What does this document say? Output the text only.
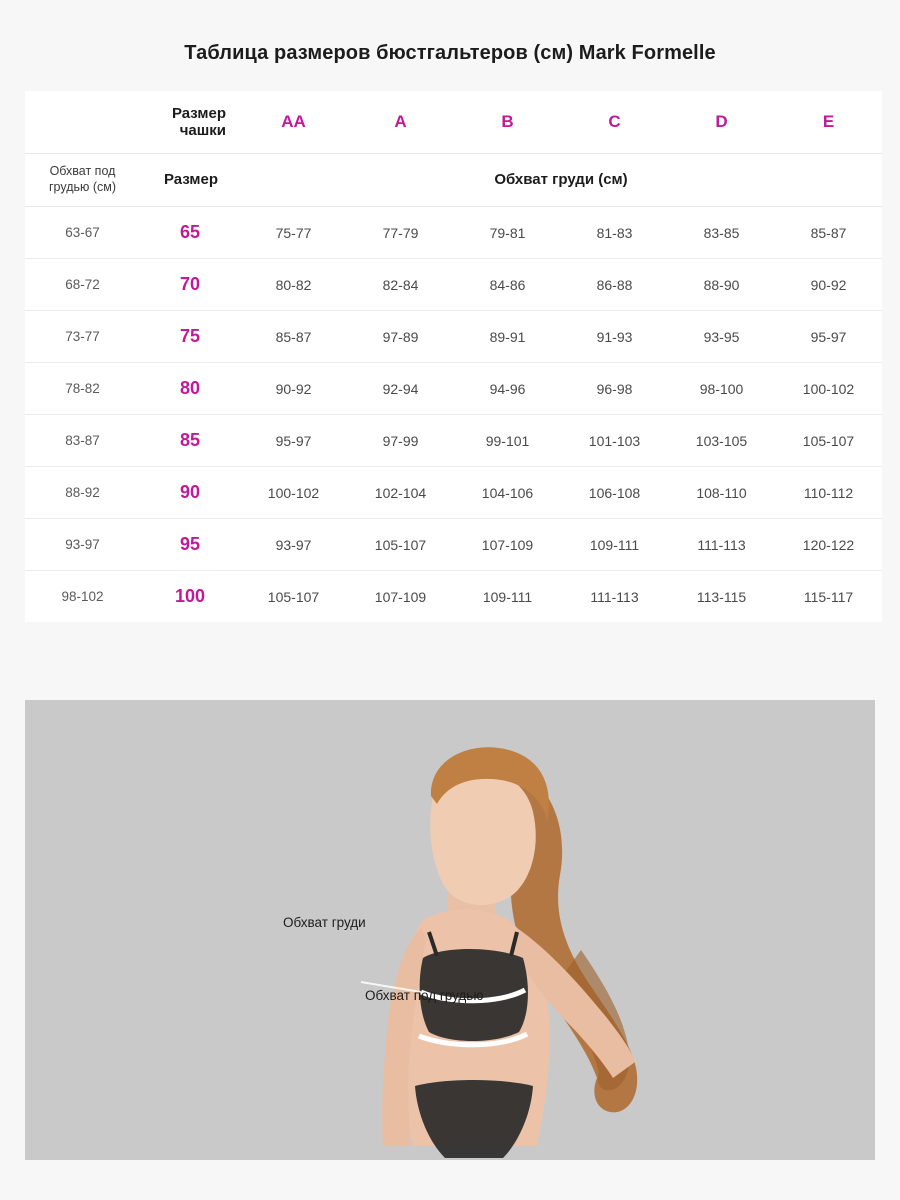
Таблица размеров бюстгальтеров (см) Mark Formelle
	Размер чашки	AA	A	B	C	D	E
Обхват под грудью (см)	Размер	Обхват груди (см)					
63-67	65	75-77	77-79	79-81	81-83	83-85	85-87
68-72	70	80-82	82-84	84-86	86-88	88-90	90-92
73-77	75	85-87	97-89	89-91	91-93	93-95	95-97
78-82	80	90-92	92-94	94-96	96-98	98-100	100-102
83-87	85	95-97	97-99	99-101	101-103	103-105	105-107
88-92	90	100-102	102-104	104-106	106-108	108-110	110-112
93-97	95	93-97	105-107	107-109	109-111	111-113	120-122
98-102	100	105-107	107-109	109-111	111-113	113-115	115-117
Обхват груди
Обхват под грудью
